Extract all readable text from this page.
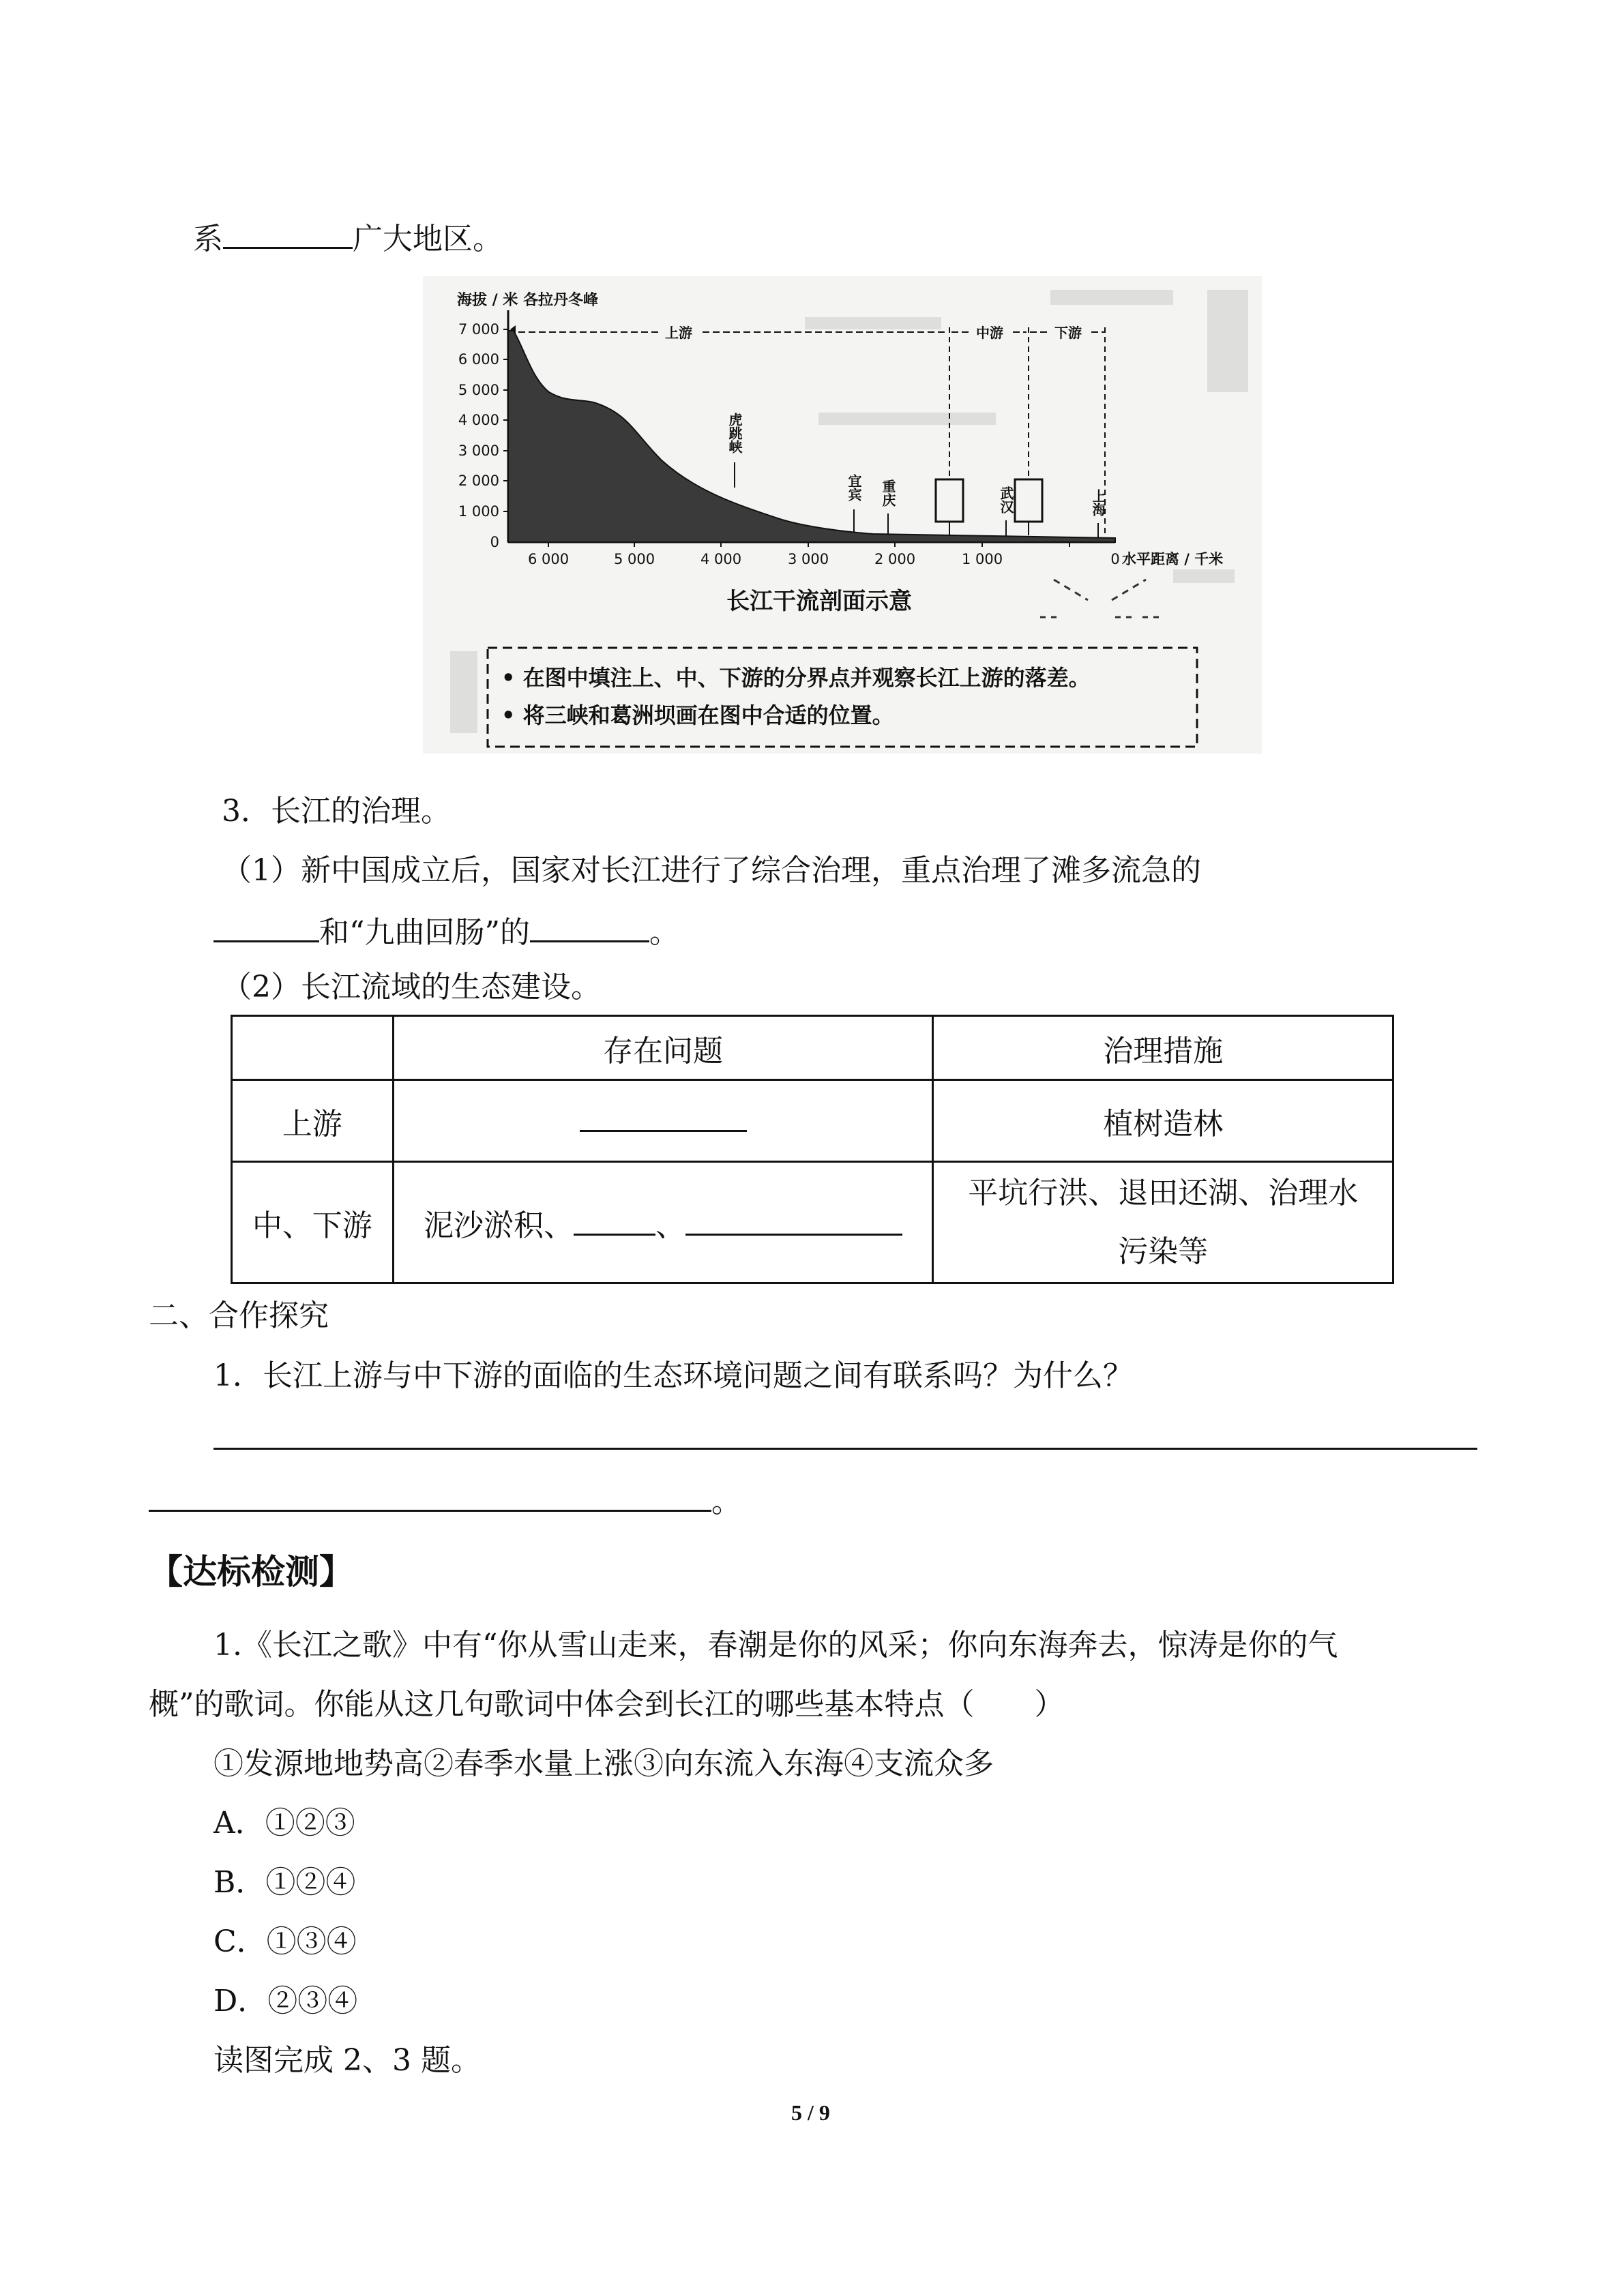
系	广大地区。
海拔 / 米 各拉丹冬峰
7 000
6 000
5 000
4 000
3 000
2 000
1 000
0
6 000	5 000	4 000	3 000	2 000	1 000	0 水平距离 / 千米
上游	中游	下游
虎跳峡
宜宾 重庆	武汉	上海
长江干流剖面示意
• 在图中填注上、中、下游的分界点并观察长江上游的落差。
• 将三峡和葛洲坝画在图中合适的位置。
3．长江的治理。
（1）新中国成立后，国家对长江进行了综合治理，重点治理了滩多流急的
和“九曲回肠”的	。
（2）长江流域的生态建设。
	存在问题	治理措施
上游		植树造林
中、下游	泥沙淤积、 、	平坑行洪、退田还湖、治理水
污染等
二、合作探究
1．长江上游与中下游的面临的生态环境问题之间有联系吗？为什么？
。
【达标检测】
1.《长江之歌》中有“你从雪山走来，春潮是你的风采；你向东海奔去，惊涛是你的气
概”的歌词。你能从这几句歌词中体会到长江的哪些基本特点（　　）
①发源地地势高②春季水量上涨③向东流入东海④支流众多
A．①②③
B．①②④
C．①③④
D．②③④
读图完成 2、3 题。
5 / 9
